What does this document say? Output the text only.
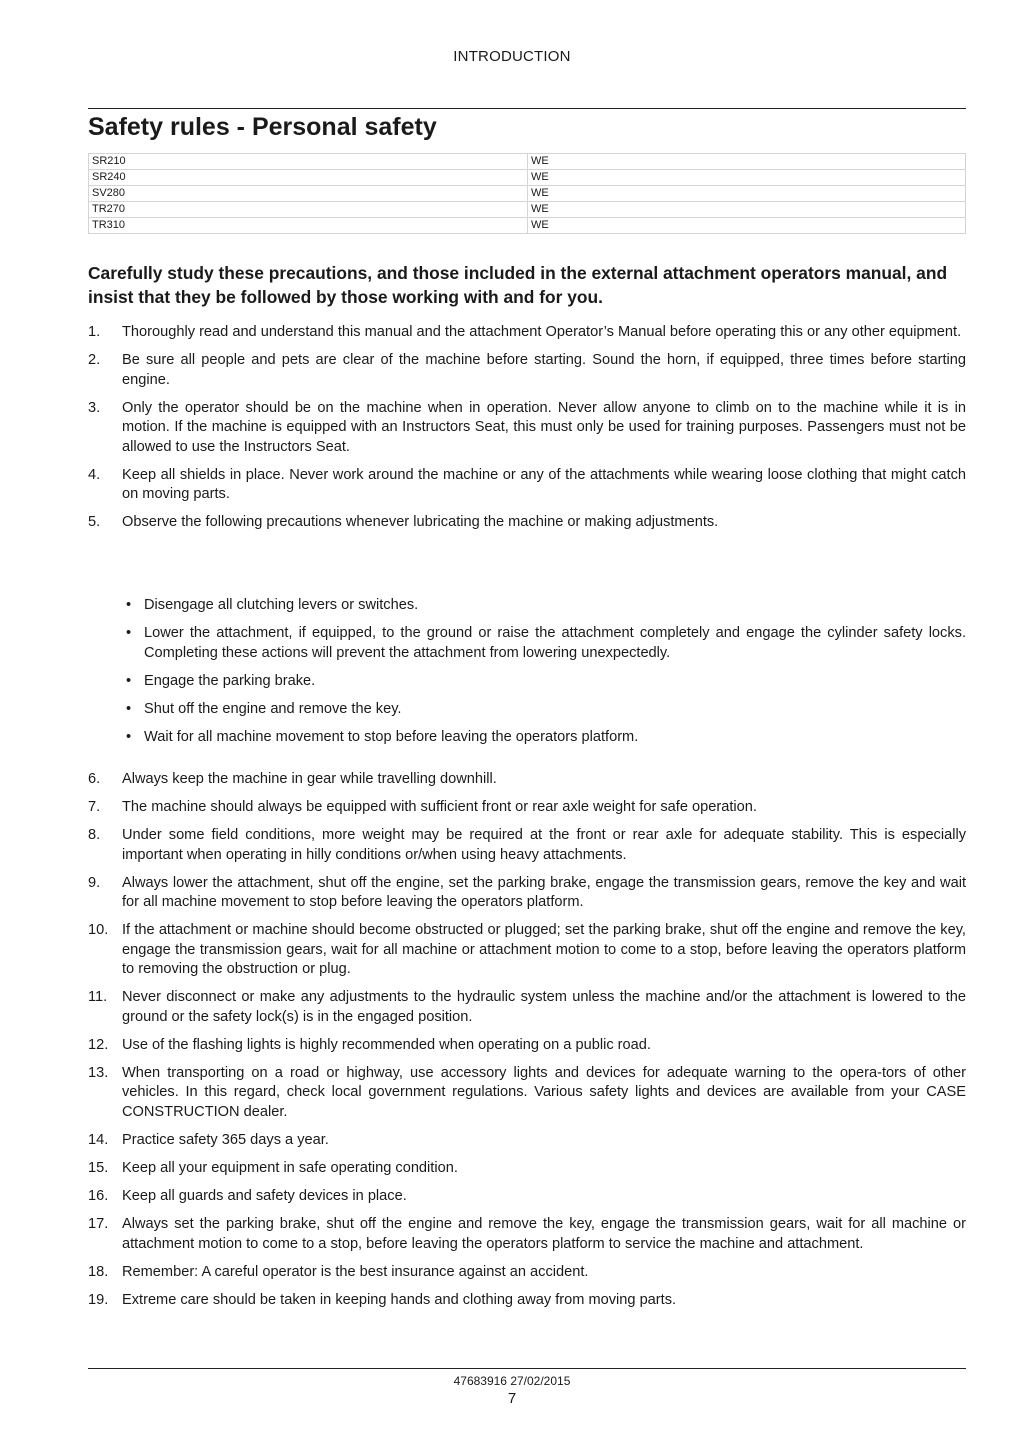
INTRODUCTION
Safety rules - Personal safety
SR210	WE
SR240	WE
SV280	WE
TR270	WE
TR310	WE
Carefully study these precautions, and those included in the external attachment operators manual, and insist that they be followed by those working with and for you.
1. Thoroughly read and understand this manual and the attachment Operator’s Manual before operating this or any other equipment.
2. Be sure all people and pets are clear of the machine before starting. Sound the horn, if equipped, three times before starting engine.
3. Only the operator should be on the machine when in operation. Never allow anyone to climb on to the machine while it is in motion. If the machine is equipped with an Instructors Seat, this must only be used for training purposes. Passengers must not be allowed to use the Instructors Seat.
4. Keep all shields in place. Never work around the machine or any of the attachments while wearing loose clothing that might catch on moving parts.
5. Observe the following precautions whenever lubricating the machine or making adjustments.
• Disengage all clutching levers or switches.
• Lower the attachment, if equipped, to the ground or raise the attachment completely and engage the cylinder safety locks. Completing these actions will prevent the attachment from lowering unexpectedly.
• Engage the parking brake.
• Shut off the engine and remove the key.
• Wait for all machine movement to stop before leaving the operators platform.
6. Always keep the machine in gear while travelling downhill.
7. The machine should always be equipped with sufficient front or rear axle weight for safe operation.
8. Under some field conditions, more weight may be required at the front or rear axle for adequate stability. This is especially important when operating in hilly conditions or/when using heavy attachments.
9. Always lower the attachment, shut off the engine, set the parking brake, engage the transmission gears, remove the key and wait for all machine movement to stop before leaving the operators platform.
10. If the attachment or machine should become obstructed or plugged; set the parking brake, shut off the engine and remove the key, engage the transmission gears, wait for all machine or attachment motion to come to a stop, before leaving the operators platform to removing the obstruction or plug.
11. Never disconnect or make any adjustments to the hydraulic system unless the machine and/or the attachment is lowered to the ground or the safety lock(s) is in the engaged position.
12. Use of the flashing lights is highly recommended when operating on a public road.
13. When transporting on a road or highway, use accessory lights and devices for adequate warning to the opera-tors of other vehicles. In this regard, check local government regulations. Various safety lights and devices are available from your CASE CONSTRUCTION dealer.
14. Practice safety 365 days a year.
15. Keep all your equipment in safe operating condition.
16. Keep all guards and safety devices in place.
17. Always set the parking brake, shut off the engine and remove the key, engage the transmission gears, wait for all machine or attachment motion to come to a stop, before leaving the operators platform to service the machine and attachment.
18. Remember: A careful operator is the best insurance against an accident.
19. Extreme care should be taken in keeping hands and clothing away from moving parts.
47683916 27/02/2015
7
